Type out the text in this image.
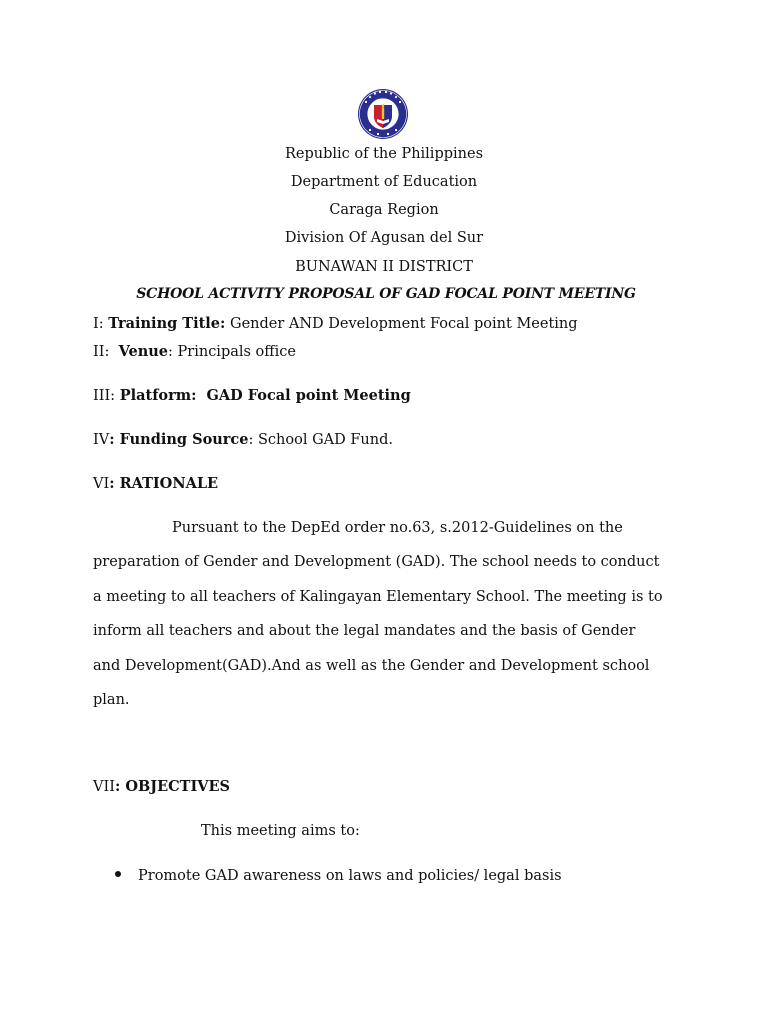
Republic of the Philippines
Department of Education
Caraga Region
Division Of Agusan del Sur
BUNAWAN II DISTRICT
SCHOOL ACTIVITY PROPOSAL OF GAD FOCAL POINT MEETING
I: Training Title: Gender AND Development Focal point Meeting
II:  Venue: Principals office
III: Platform:  GAD Focal point Meeting
IV: Funding Source: School GAD Fund.
VI: RATIONALE
Pursuant to the DepEd order no.63, s.2012-Guidelines on the
preparation of Gender and Development (GAD). The school needs to conduct
a meeting to all teachers of Kalingayan Elementary School. The meeting is to
inform all teachers and about the legal mandates and the basis of Gender
and Development(GAD).And as well as the Gender and Development school
plan.
VII: OBJECTIVES
This meeting aims to:
Promote GAD awareness on laws and policies/ legal basis
